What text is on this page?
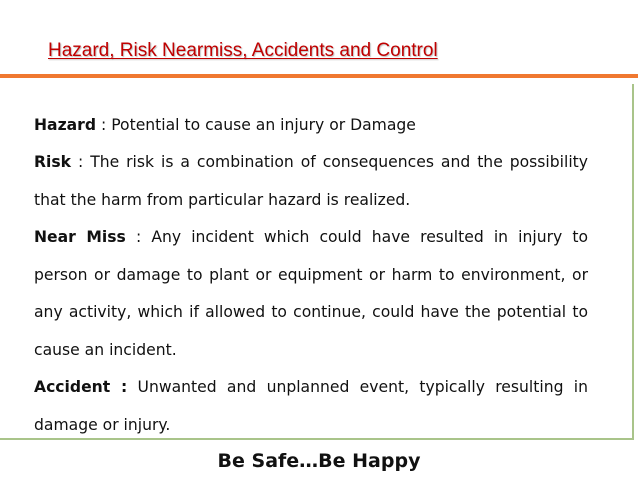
Hazard, Risk Nearmiss, Accidents and Control

Hazard : Potential to cause an injury or Damage

Risk : The risk is a combination of consequences and the possibility that the harm from particular hazard is realized.

Near Miss : Any incident which could have resulted in injury to person or damage to plant or equipment or harm to environment, or any activity, which if allowed to continue, could have the potential to cause an incident.

Accident : Unwanted and unplanned event, typically resulting in damage or injury.

Be Safe…Be Happy
